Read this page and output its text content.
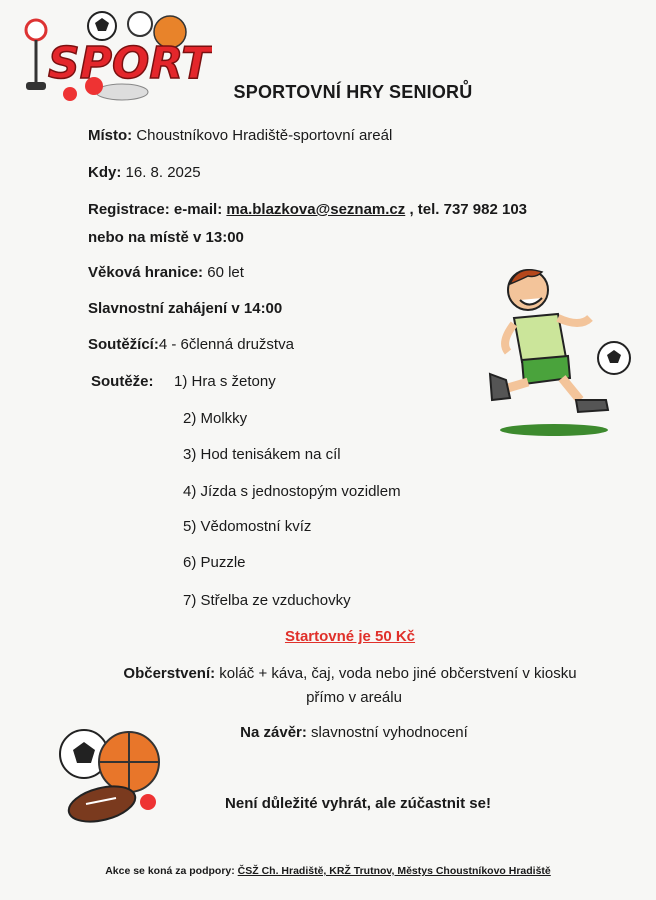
SPORT
SPORTOVNÍ HRY SENIORŮ
Místo: Choustníkovo Hradiště-sportovní areál
Kdy: 16. 8. 2025
Registrace: e-mail: ma.blazkova@seznam.cz , tel. 737 982 103
nebo na místě v 13:00
Věková hranice: 60 let
Slavnostní zahájení v 14:00
Soutěžící:4 - 6členná družstva
Soutěže: 1) Hra s žetony
2) Molkky
3) Hod tenisákem na cíl
4) Jízda s jednostopým vozidlem
5) Vědomostní kvíz
6) Puzzle
7) Střelba ze vzduchovky
Startovné je 50 Kč
Občerstvení: koláč + káva, čaj, voda nebo jiné občerstvení v kiosku
přímo v areálu
Na závěr: slavnostní vyhodnocení
Není důležité vyhrát, ale zúčastnit se!
Akce se koná za podpory: ČSŽ Ch. Hradiště, KRŽ Trutnov, Městys Choustníkovo Hradiště
